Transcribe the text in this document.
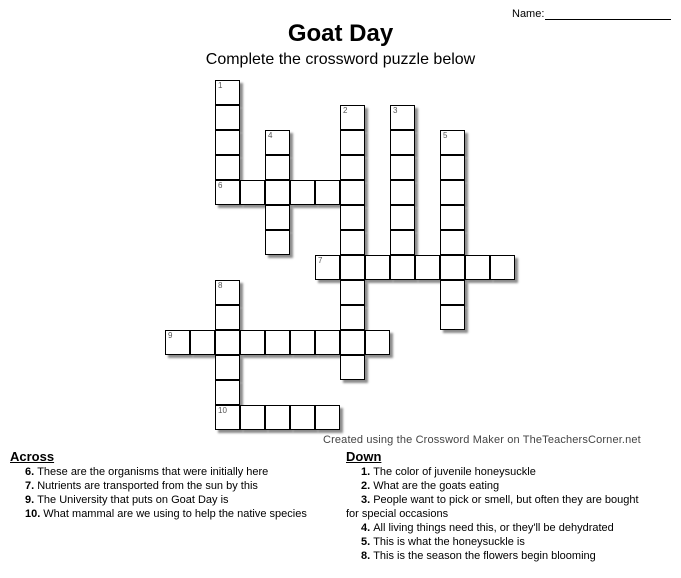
Name:
Goat Day
Complete the crossword puzzle below
1
2	3
4	5
6
7
8
9
10
Created using the Crossword Maker on TheTeachersCorner.net
Across
6. These are the organisms that were initially here
7. Nutrients are transported from the sun by this
9. The University that puts on Goat Day is
10. What mammal are we using to help the native species
Down
1. The color of juvenile honeysuckle
2. What are the goats eating
3. People want to pick or smell, but often they are bought
for special occasions
4. All living things need this, or they'll be dehydrated
5. This is what the honeysuckle is
8. This is the season the flowers begin blooming
